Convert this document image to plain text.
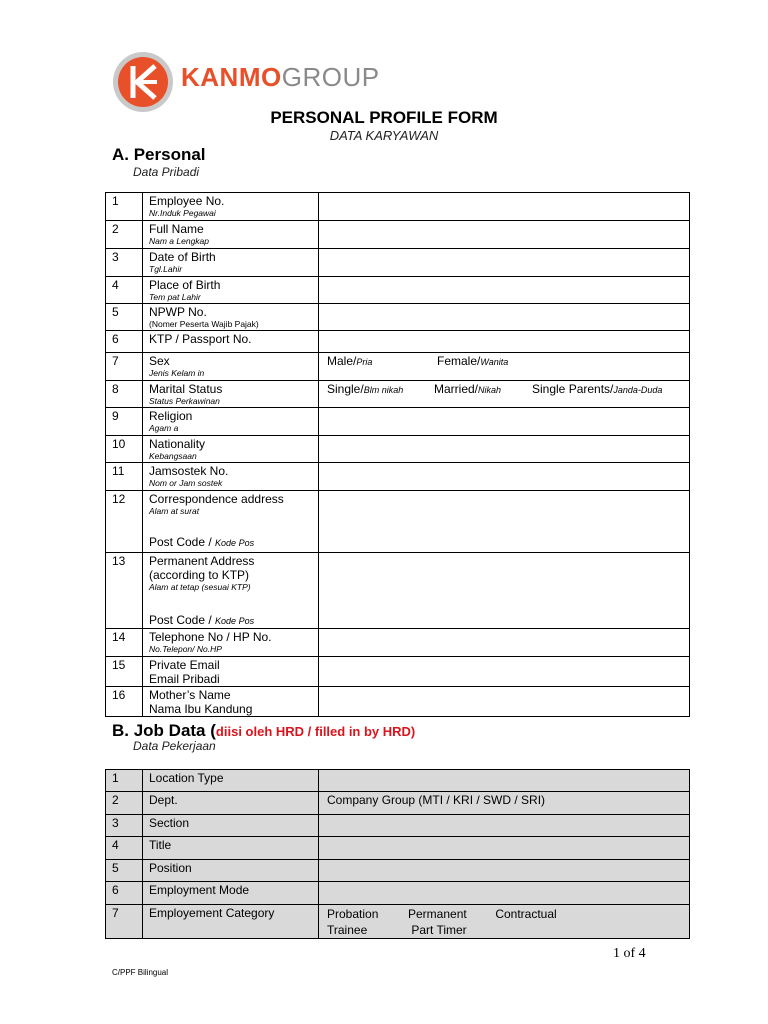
KANMOGROUP
PERSONAL PROFILE FORM
DATA KARYAWAN
A. Personal
Data Pribadi
1	Employee No.
Nr.Induk Pegawai	

2	Full Name
Nam a Lengkap	

3	Date of Birth
Tgl.Lahir	

4	Place of Birth
Tem pat Lahir	

5	NPWP No.
(Nomer Peserta Wajib Pajak)	

6	KTP / Passport No.	
7	Sex
Jenis Kelam in	Male/Pria Female/Wanita
8	Marital Status
Status Perkawinan	Single/Blm nikah Married/Nikah Single Parents/Janda-Duda
9	Religion
Agam a	

10	Nationality
Kebangsaan	

11	Jamsostek No.
Nom or Jam sostek	

12	Correspondence address
Alam at surat
Post Code / Kode Pos	

13	Permanent Address
(according to KTP)
Alam at tetap (sesuai KTP)
Post Code / Kode Pos	

14	Telephone No / HP No.
No.Telepon/ No.HP	

15	Private Email
Email Pribadi	

16	Mother’s Name
Nama Ibu Kandung	

B. Job Data (diisi oleh HRD / filled in by HRD)
Data Pekerjaan
1	Location Type	
2	Dept.	Company Group (MTI / KRI / SWD / SRI)
3	Section	
4	Title	
5	Position	
6	Employment Mode	
7	Employement Category	ProbationPermanent Contractual
Trainee Part Timer
1 of 4
C/PPF Bilingual
